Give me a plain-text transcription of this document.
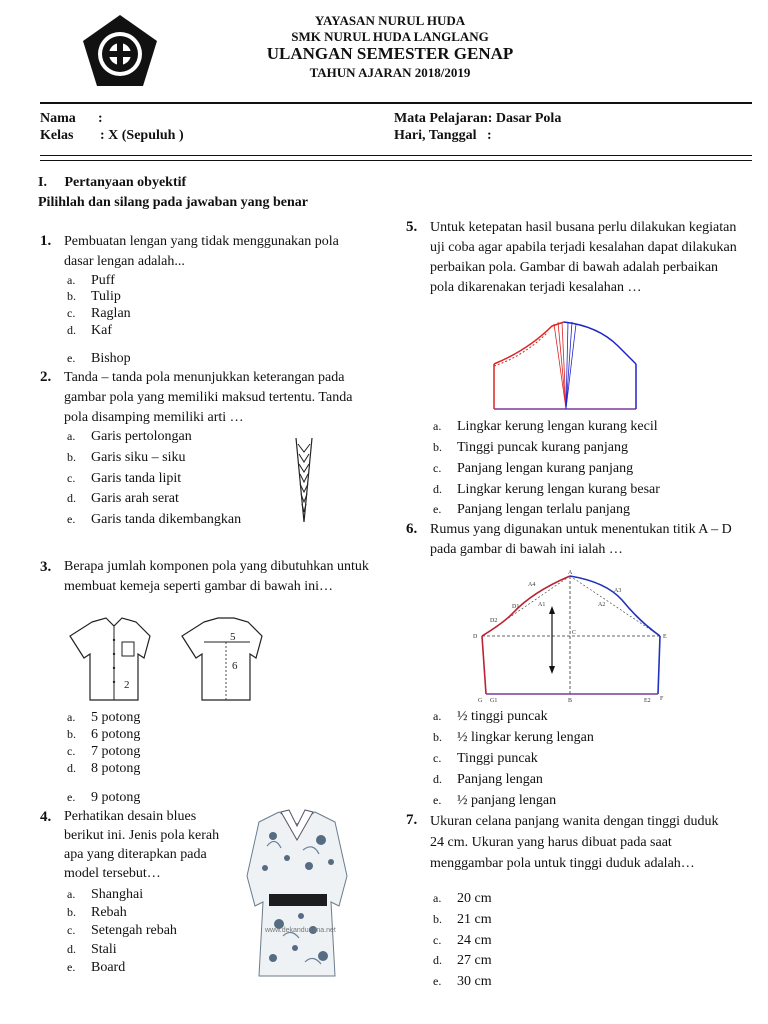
YAYASAN NURUL HUDA
SMK NURUL HUDA LANGLANG
ULANGAN SEMESTER GENAP
TAHUN AJARAN 2018/2019
Nama :
Kelas : X (Sepuluh )
Mata Pelajaran: Dasar Pola
Hari, Tanggal   :
I.     Pertanyaan obyektif
Pilihlah dan silang pada jawaban yang benar
1. Pembuatan lengan yang tidak menggunakan pola dasar lengan adalah...
a. Puff
b. Tulip
c. Raglan
d. Kaf
e. Bishop
2. Tanda – tanda pola menunjukkan keterangan pada gambar pola yang memiliki maksud tertentu. Tanda pola disamping memiliki arti …
a. Garis pertolongan
b. Garis siku – siku
c. Garis tanda lipit
d. Garis arah serat
e. Garis tanda dikembangkan
3. Berapa jumlah komponen pola yang dibutuhkan untuk membuat kemeja seperti gambar di bawah ini…
5
6
2
a. 5 potong
b. 6 potong
c. 7 potong
d. 8 potong
e. 9 potong
4. Perhatikan desain blues berikut ini. Jenis pola kerah apa yang diterapkan pada model tersebut…
a. Shanghai
b. Rebah
c. Setengah rebah
d. Stali
e. Board
www.dekandunana.net
5. Untuk ketepatan hasil busana perlu dilakukan kegiatan uji coba agar apabila terjadi kesalahan dapat dilakukan perbaikan pola. Gambar di bawah adalah perbaikan pola dikarenakan terjadi kesalahan …
a. Lingkar kerung lengan kurang kecil
b. Tinggi puncak kurang panjang
c. Panjang lengan kurang panjang
d. Lingkar kerung lengan kurang besar
e. Panjang lengan terlalu panjang
6. Rumus yang digunakan untuk menentukan titik A – D pada gambar di bawah ini ialah …
A
A4
A3
D1	A1	A2
D2
D
C
E
G G1	B	E2 F
a. ½ tinggi puncak
b. ½ lingkar kerung lengan
c. Tinggi puncak
d. Panjang lengan
e. ½ panjang lengan
7. Ukuran celana panjang wanita dengan tinggi duduk 24 cm. Ukuran yang harus dibuat pada saat menggambar pola untuk tinggi duduk adalah…
a. 20 cm
b. 21 cm
c. 24 cm
d. 27 cm
e. 30 cm
